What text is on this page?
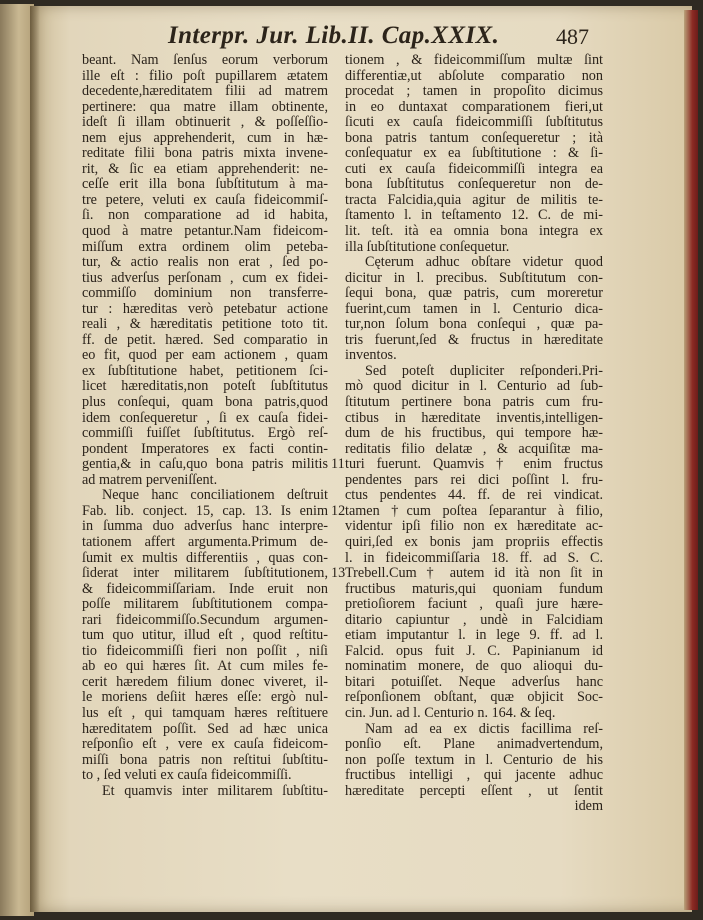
Interpr. Jur. Lib.II. Cap.XXIX.	487
beant. Nam ſenſus eorum verborum
ille eſt : filio poſt pupillarem ætatem
decedente,hæreditatem filii ad matrem
pertinere: qua matre illam obtinente,
ideſt ſi illam obtinuerit , & poſſeſſio-
nem ejus apprehenderit, cum in hæ-
reditate filii bona patris mixta invene-
rit, & ſic ea etiam apprehenderit: ne-
ceſſe erit illa bona ſubſtitutum à ma-
tre petere, veluti ex cauſa fideicommiſ-
ſi. non comparatione ad id habita,
quod à matre petantur.Nam fideicom-
miſſum extra ordinem olim peteba-
tur, & actio realis non erat , ſed po-
tius adverſus perſonam , cum ex fidei-
commiſſo dominium non transferre-
tur : hæreditas verò petebatur actione
reali , & hæreditatis petitione toto tit.
ff. de petit. hæred. Sed comparatio in
eo fit, quod per eam actionem , quam
ex ſubſtitutione habet, petitionem ſci-
licet hæreditatis,non poteſt ſubſtitutus
plus conſequi, quam bona patris,quod
idem conſequeretur , ſi ex cauſa fidei-
commiſſi fuiſſet ſubſtitutus. Ergò reſ-
pondent Imperatores ex facti contin-
gentia,& in caſu,quo bona patris militis
ad matrem perveniſſent.
Neque hanc conciliationem deſtruit
Fab. lib. conject. 15, cap. 13. Is enim
in ſumma duo adverſus hanc interpre-
tationem affert argumenta.Primum de-
ſumit ex multis differentiis , quas con-
ſiderat inter militarem ſubſtitutionem,
& fideicommiſſariam. Inde eruit non
poſſe militarem ſubſtitutionem compa-
rari fideicommiſſo.Secundum argumen-
tum quo utitur, illud eſt , quod reſtitu-
tio fideicommiſſi fieri non poſſit , niſi
ab eo qui hæres ſit. At cum miles fe-
cerit hæredem filium donec viveret, il-
le moriens deſiit hæres eſſe: ergò nul-
lus eſt , qui tamquam hæres reſtituere
hæreditatem poſſit. Sed ad hæc unica
reſponſio eſt , vere ex cauſa fideicom-
miſſi bona patris non reſtitui ſubſtitu-
to , ſed veluti ex cauſa fideicommiſſi.
Et quamvis inter militarem ſubſtitu-
tionem , & fideicommiſſum multæ ſint
differentiæ,ut abſolute comparatio non
procedat ; tamen in propoſito dicimus
in eo duntaxat comparationem fieri,ut
ſicuti ex cauſa fideicommiſſi ſubſtitutus
bona patris tantum conſequeretur ; ità
conſequatur ex ea ſubſtitutione : & ſi-
cuti ex cauſa fideicommiſſi integra ea
bona ſubſtitutus conſequeretur non de-
tracta Falcidia,quia agitur de militis te-
ſtamento l. in teſtamento 12. C. de mi-
lit. teſt. ità ea omnia bona integra ex
illa ſubſtitutione conſequetur.
Cęterum adhuc obſtare videtur quod
dicitur in l. precibus. Subſtitutum con-
ſequi bona, quæ patris, cum moreretur
fuerint,cum tamen in l. Centurio dica-
tur,non ſolum bona conſequi , quæ pa-
tris fuerunt,ſed & fructus in hæreditate
inventos.
Sed poteſt dupliciter reſponderi.Pri-
mò quod dicitur in l. Centurio ad ſub-
ſtitutum pertinere bona patris cum fru-
ctibus in hæreditate inventis,intelligen-
dum de his fructibus, qui tempore hæ-
reditatis filio delatæ , & acquiſitæ ma-
11 turi fuerunt. Quamvis † enim fructus
pendentes pars rei dici poſſint l. fru-
ctus pendentes 44. ff. de rei vindicat.
12 tamen †cum poſtea ſeparantur à filio,
videntur ipſi filio non ex hæreditate ac-
quiri,ſed ex bonis jam propriis effectis
l. in fideicommiſſaria 18. ff. ad S. C.
13 Trebell.Cum † autem id ità non ſit in
fructibus maturis,qui quoniam fundum
pretioſiorem faciunt , quaſi jure hære-
ditario capiuntur , undè in Falcidiam
etiam imputantur l. in lege 9. ff. ad l.
Falcid. opus fuit J. C. Papinianum id
nominatim monere, de quo alioqui du-
bitari potuiſſet. Neque adverſus hanc
reſponſionem obſtant, quæ objicit Soc-
cin. Jun. ad l. Centurio n. 164. & ſeq.
Nam ad ea ex dictis facillima reſ-
ponſio eſt. Plane animadvertendum,
non poſſe textum in l. Centurio de his
fructibus intelligi , qui jacente adhuc
hæreditate percepti eſſent , ut ſentit
idem
